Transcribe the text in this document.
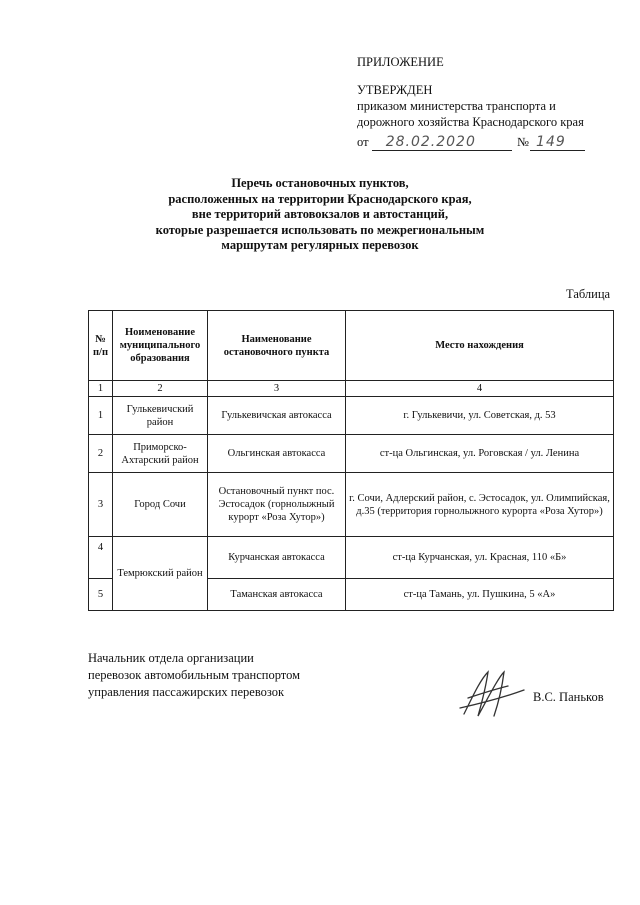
ПРИЛОЖЕНИЕ
УТВЕРЖДЕН
приказом министерства транспорта и
дорожного хозяйства Краснодарского края
от 28.02.2020	№ 149
Перечь остановочных пунктов,
расположенных на территории Краснодарского края,
вне территорий автовокзалов и автостанций,
которые разрешается использовать по межрегиональным
маршрутам регулярных перевозок
Таблица
№ п/п	Ноименование муниципального образования	Наименование остановочного пункта	Место нахождения
1	2	3	4
1	Гулькевичский район	Гулькевичская автокасса	г. Гулькевичи, ул. Советская, д. 53
2	Приморско-Ахтарский район	Ольгинская автокасса	ст-ца Ольгинская, ул. Роговская / ул. Ленина
3	Город Сочи	Остановочный пункт пос. Эстосадок (горнолыжный курорт «Роза Хутор»)	г. Сочи, Адлерский район, с. Эстосадок, ул. Олимпийская, д.35 (территория горнолыжного курорта «Роза Хутор»)
4	Темрюкский район	Курчанская автокасса	ст-ца Курчанская, ул. Красная, 110 «Б»
5		Таманская автокасса	ст-ца Тамань, ул. Пушкина, 5 «А»
Начальник отдела организации
перевозок автомобильным транспортом
управления пассажирских перевозок	В.С. Паньков
